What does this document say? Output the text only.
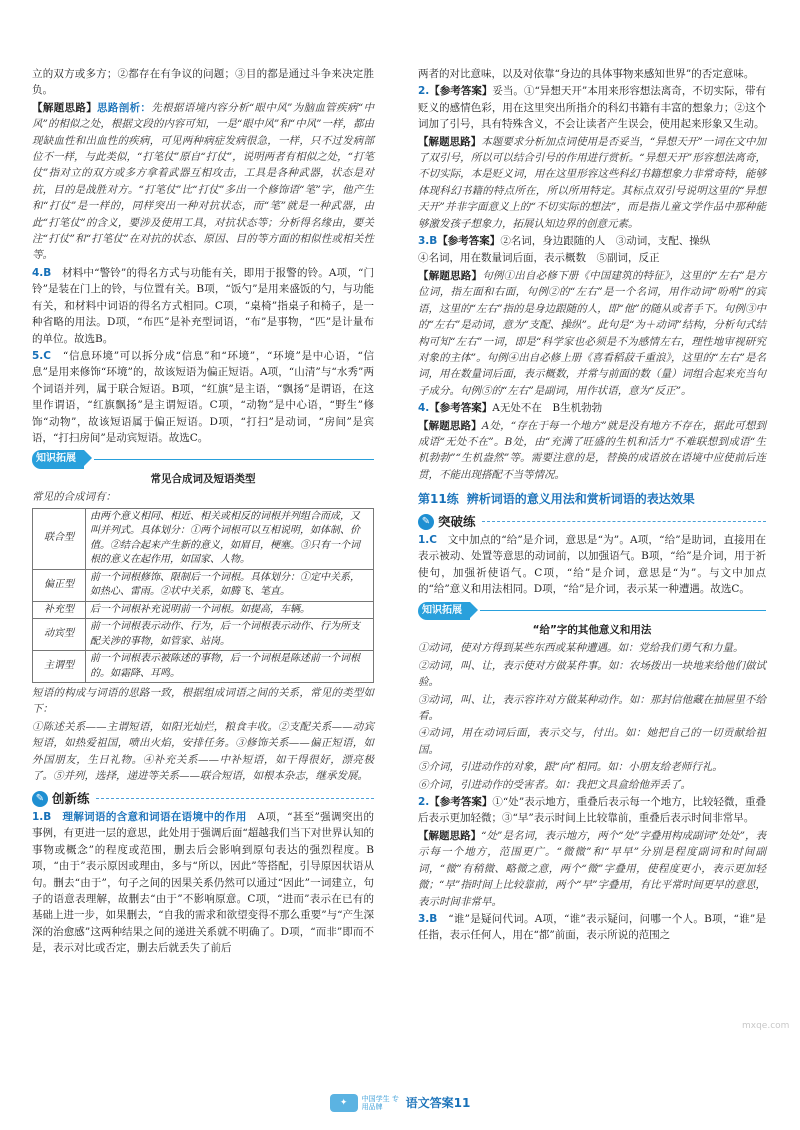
立的双方或多方；②都存在有争议的问题；③目的都是通过斗争来决定胜负。

【解题思路】思路剖析：先根据语境内容分析“眼中风”为脑血管疾病“中风”的相似之处，根据文段的内容可知，一是“眼中风”和“中风”一样，都由现缺血性和出血性的疾病，可见两种病症发病很急，一样，只不过发病部位不一样，与此类似，“打笔仗”原自“打仗”，说明两者有相似之处，“打笔仗”指对立的双方或多方拿着武器互相攻击，工具是各种武器，状态是对抗，目的是战胜对方。“打笔仗”比“打仗”多出一个修饰语“笔”字，他产生和“打仗”是一样的，同样突出一种对抗状态，而“笔”就是一种武器，由此“打笔仗”的含义，要涉及使用工具，对抗状态等；分析得名缘由，要关注“打仗”和“打笔仗”在对抗的状态、原因、目的等方面的相似性或相关性等。

4.B　 材料中“警铃”的得名方式与功能有关，即用于报警的铃。A项，“门铃”是装在门上的铃，与位置有关。B项，“饭勺”是用来盛饭的勺，与功能有关，和材料中词语的得名方式相同。C项，“桌椅”指桌子和椅子，是一种省略的用法。D项，“布匹”是补充型词语，“布”是事物，“匹”是计量布的单位。故选B。

5.C　 “信息环境”可以拆分成“信息”和“环境”，“环境”是中心语，“信息”是用来修饰“环境”的，故该短语为偏正短语。A项，“山清”与“水秀”两个词语并列，属于联合短语。B项，“红旗”是主语，“飘扬”是谓语，在这里作谓语，“红旗飘扬”是主谓短语。C项，“动物”是中心语，“野生”修饰“动物”，故该短语属于偏正短语。D项，“打扫”是动词，“房间”是宾语，“打扫房间”是动宾短语。故选C。

知识拓展
常见合成词及短语类型

常见的合成词有：

联合型	由两个意义相同、相近、相关或相反的词根并列组合而成，又叫并列式。具体划分：①两个词根可以互相说明，如体制、价值。②结合起来产生新的意义，如眉目，梗塞。③只有一个词根的意义在起作用，如国家、人物。
偏正型	前一个词根修饰、限制后一个词根。具体划分：①定中关系，如热心、雷雨。②状中关系，如腾飞、笔直。
补充型	后一个词根补充说明前一个词根。如提高，车辆。
动宾型	前一个词根表示动作、行为，后一个词根表示动作、行为所支配关涉的事物，如管家、站岗。
主谓型	前一个词根表示被陈述的事物，后一个词根是陈述前一个词根的。如霜降、耳鸣。

短语的构成与词语的思路一致，根据组成词语之间的关系，常见的类型如下：

①陈述关系——主谓短语，如阳光灿烂，粮食丰收。②支配关系——动宾短语，如热爱祖国，喷出火焰，安排任务。③修饰关系——偏正短语，如外国朋友，生日礼物。④补充关系——中补短语，如干得很好，漂亮极了。⑤并列，选择，递进等关系——联合短语，如根本杂志，继承发展。

✎ 创新练

1.B　 理解词语的含意和词语在语境中的作用　 A项，“甚至”强调突出的事例，有更进一层的意思，此处用于强调后面“超越我们当下对世界认知的事物或概念”的程度或范围，删去后会影响到原句表达的强烈程度。B项，“由于”表示原因或理由，多与“所以，因此”等搭配，引导原因状语从句。删去“由于”，句子之间的因果关系仍然可以通过“因此”一词建立，句子的语意表理解，故删去“由于”不影响原意。C项，“进而”表示在已有的基础上进一步，如果删去，“自我的需求和欲望变得不那么重要”与“产生深深的治愈感”这两种结果之间的递进关系就不明确了。D项，“而非”即而不是，表示对比或否定，删去后就丢失了前后

两者的对比意味，以及对依靠“身边的具体事物来感知世界”的否定意味。

2.【参考答案】妥当。①“异想天开”本用来形容想法离奇，不切实际，带有贬义的感情色彩，用在这里突出所指介的科幻书籍有丰富的想象力；②这个词加了引号，具有特殊含义，不会让读者产生误会，使用起来形象又生动。

【解题思路】本题要求分析加点词使用是否妥当，“异想天开”一词在文中加了双引号，所以可以结合引号的作用进行赏析。“异想天开”形容想法离奇，不切实际，本是贬义词，用在这里形容这些科幻书籍想象力非常奇特，能够体现科幻书籍的特点所在，所以所用特定。其标点双引号说明这里的“异想天开”并非字面意义上的“不切实际的想法”，而是指儿童文学作品中那种能够激发孩子想象力，拓展认知边界的创意元素。

3.B【参考答案】②名词，身边跟随的人　③动词，支配、操纵

④名词，用在数量词后面，表示概数　⑤副词，反正

【解题思路】句例①出自必修下册《中国建筑的特征》，这里的“左右”是方位词，指左面和右面，句例②的“左右”是一个名词，用作动词“吩咐”的宾语，这里的“左右”指的是身边跟随的人，即“他”的随从或者手下。句例③中的“左右”是动词，意为“支配、操纵”。此句是“为＋动词”结构，分析句式结构可知“左右”一词，即是“科学家也必须是不为感情左右，理性地审视研究对象的主体”。句例④出自必修上册《喜看稻菽千重浪》，这里的“左右”是名词，用在数量词后面，表示概数，并常与前面的数（量）词组合起来充当句子成分。句例⑤的“左右”是副词，用作状语，意为“反正”。

4.【参考答案】A无处不在　B生机勃勃

【解题思路】A处，“存在于每一个地方”就是没有地方不存在，据此可想到成语“无处不在”。B处，由“充满了旺盛的生机和活力”不难联想到成语“生机勃勃”“生机盎然”等。需要注意的是，替换的成语放在语境中应使前后连贯，不能出现搭配不当等情况。

第11练 辨析词语的意义用法和赏析词语的表达效果
✎ 突破练

1.C　 文中加点的“给”是介词，意思是“为”。A项，“给”是助词，直接用在表示被动、处置等意思的动词前，以加强语气。B项，“给”是介词，用于祈使句，加强祈使语气。C项，“给”是介词，意思是“为”。与文中加点的“给”意义和用法相同。D项，“给”是介词，表示某一种遭遇。故选C。

知识拓展
“给”字的其他意义和用法

①动词，使对方得到某些东西或某种遭遇。如：党给我们勇气和力量。

②动词，叫、让，表示使对方做某件事。如：农场拨出一块地来给他们做试验。

③动词，叫、让，表示容许对方做某种动作。如：那封信他藏在抽屉里不给看。

④动词，用在动词后面，表示交与，付出。如：她把自己的一切贡献给祖国。

⑤介词，引进动作的对象，跟“向”相同。如：小朋友给老师行礼。

⑥介词，引进动作的受害者。如：我把文具盒给他弄丢了。

2.【参考答案】①“处”表示地方，重叠后表示每一个地方，比较轻微，重叠后表示更加轻微；③“早”表示时间上比较靠前，重叠后表示时间非常早。

【解题思路】“处”是名词，表示地方，两个“处”字叠用构成副词“处处”，表示每一个地方，范围更广。“微微”和“早早”分别是程度副词和时间副词，“微”有稍微、略微之意，两个“微”字叠用，使程度更小，表示更加轻微；“早”指时间上比较靠前，两个“早”字叠用，有比平常时间更早的意思，表示时间非常早。

3.B　 “谁”是疑问代词。A项，“谁”表示疑问，问哪一个人。B项，“谁”是任指，表示任何人，用在“都”前面，表示所说的范围之

mxqe.com
✦	中国学生 专用品牌	语文答案11
